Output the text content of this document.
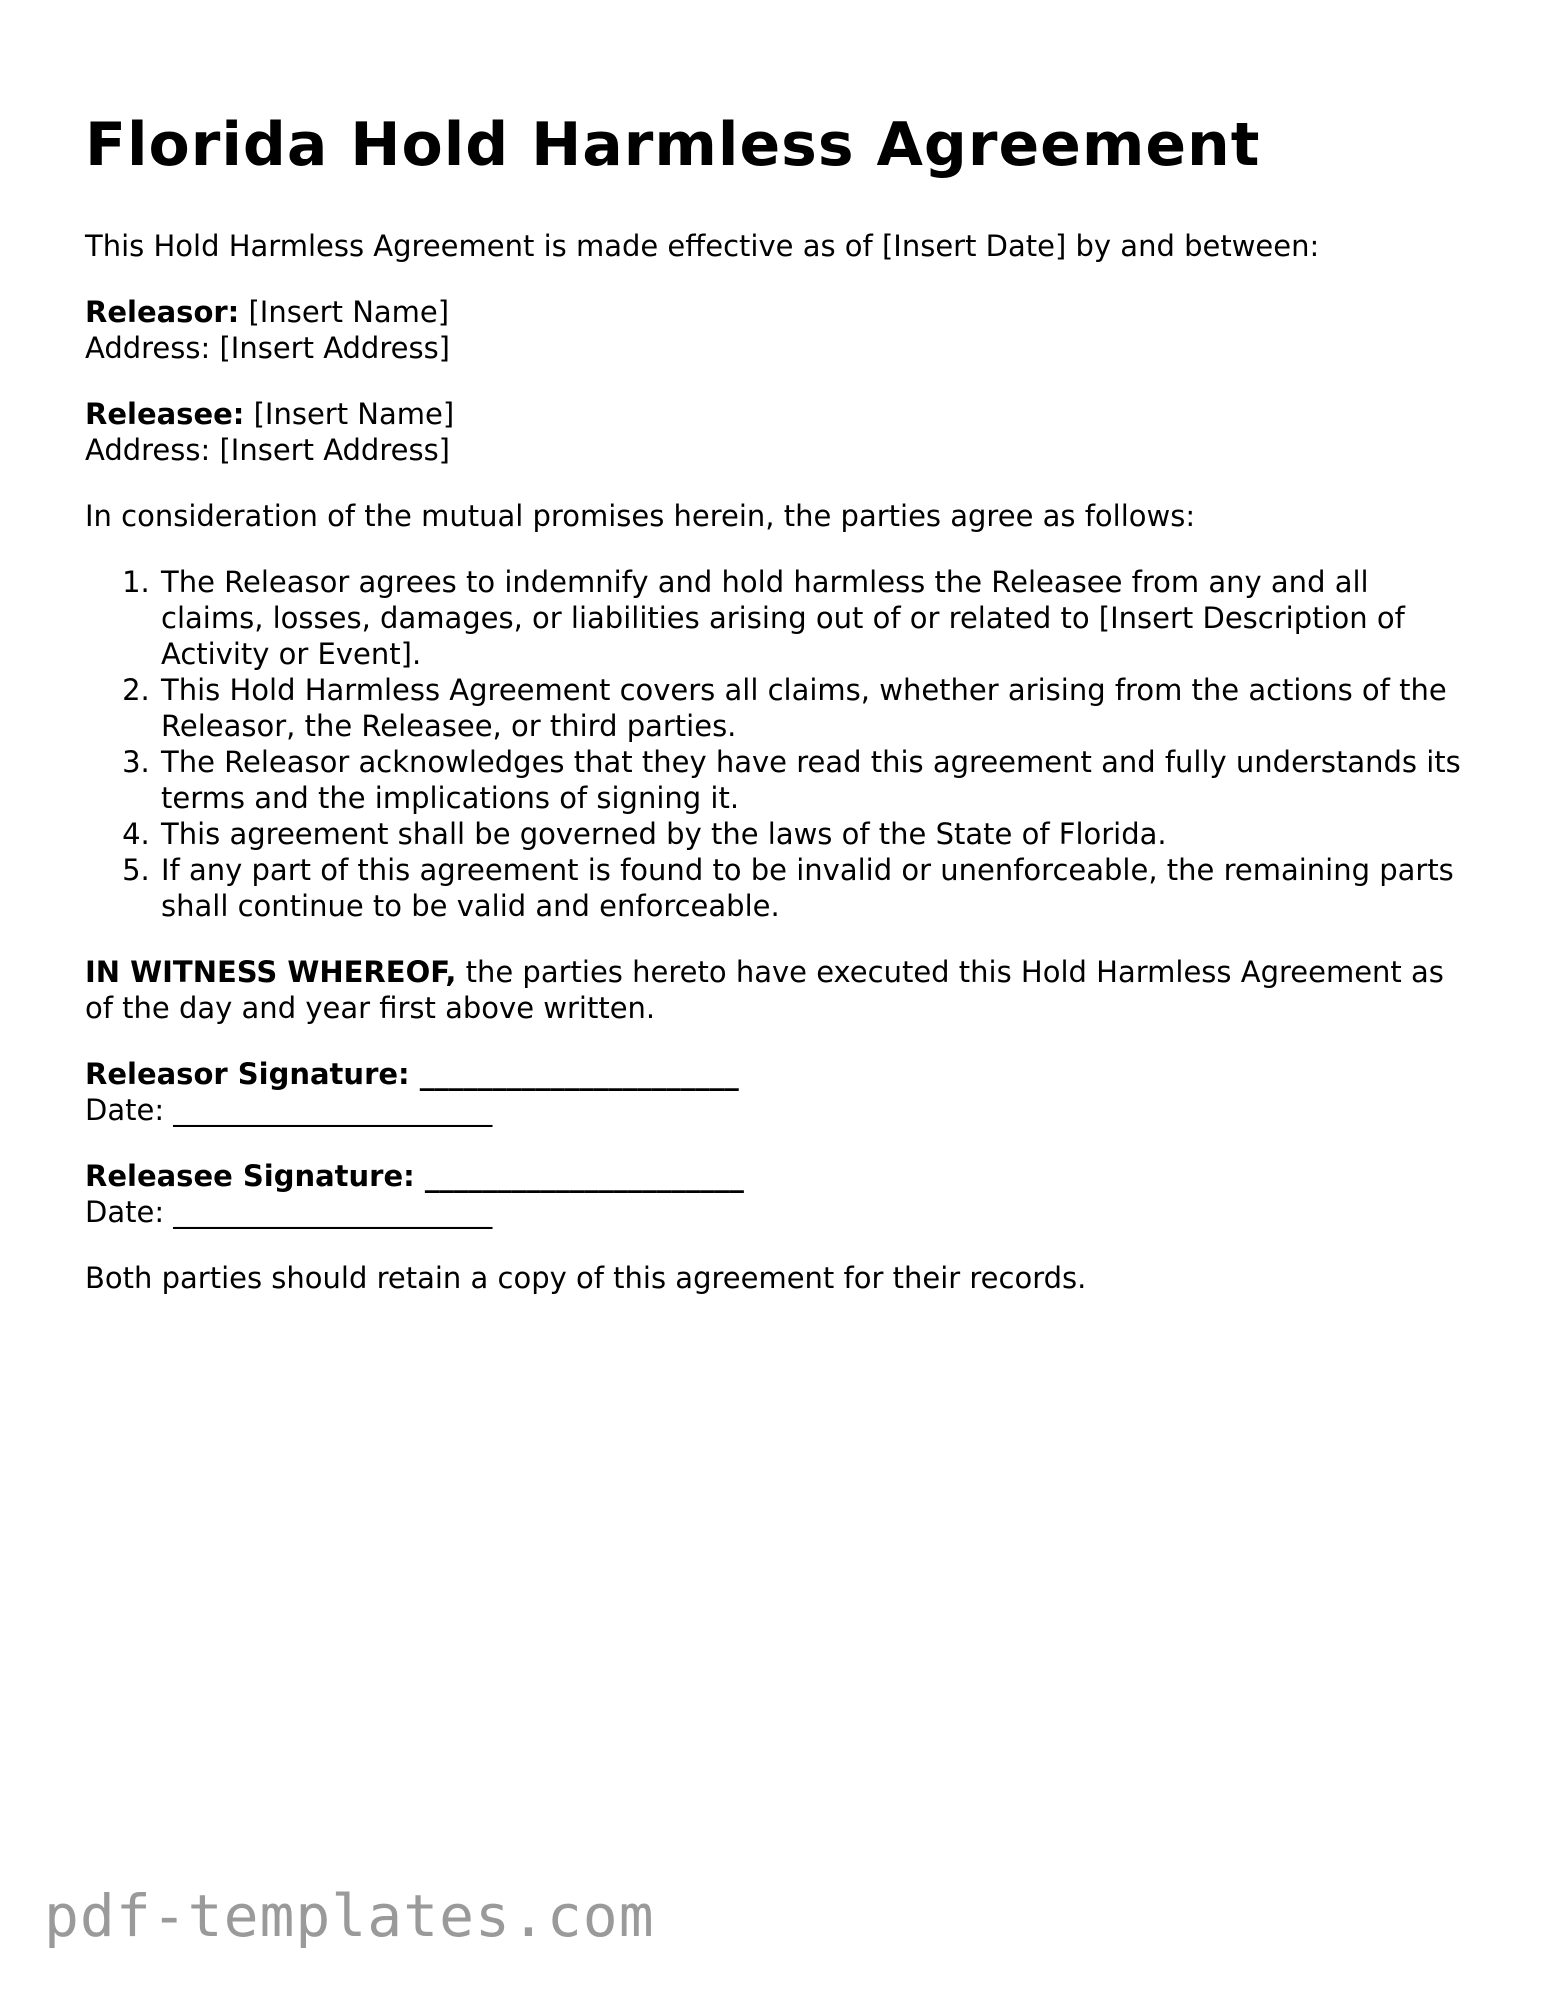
Florida Hold Harmless Agreement

This Hold Harmless Agreement is made effective as of [Insert Date] by and between:

Releasor: [Insert Name]
Address: [Insert Address]
Releasee: [Insert Name]
Address: [Insert Address]

In consideration of the mutual promises herein, the parties agree as follows:

1. The Releasor agrees to indemnify and hold harmless the Releasee from any and all claims, losses, damages, or liabilities arising out of or related to [Insert Description of Activity or Event].
2. This Hold Harmless Agreement covers all claims, whether arising from the actions of the Releasor, the Releasee, or third parties.
3. The Releasor acknowledges that they have read this agreement and fully understands its terms and the implications of signing it.
4. This agreement shall be governed by the laws of the State of Florida.
5. If any part of this agreement is found to be invalid or unenforceable, the remaining parts shall continue to be valid and enforceable.

IN WITNESS WHEREOF, the parties hereto have executed this Hold Harmless Agreement as of the day and year first above written.

Releasor Signature: ______________________
Date: ______________________
Releasee Signature: ______________________
Date: ______________________

Both parties should retain a copy of this agreement for their records.

pdf-templates.com
